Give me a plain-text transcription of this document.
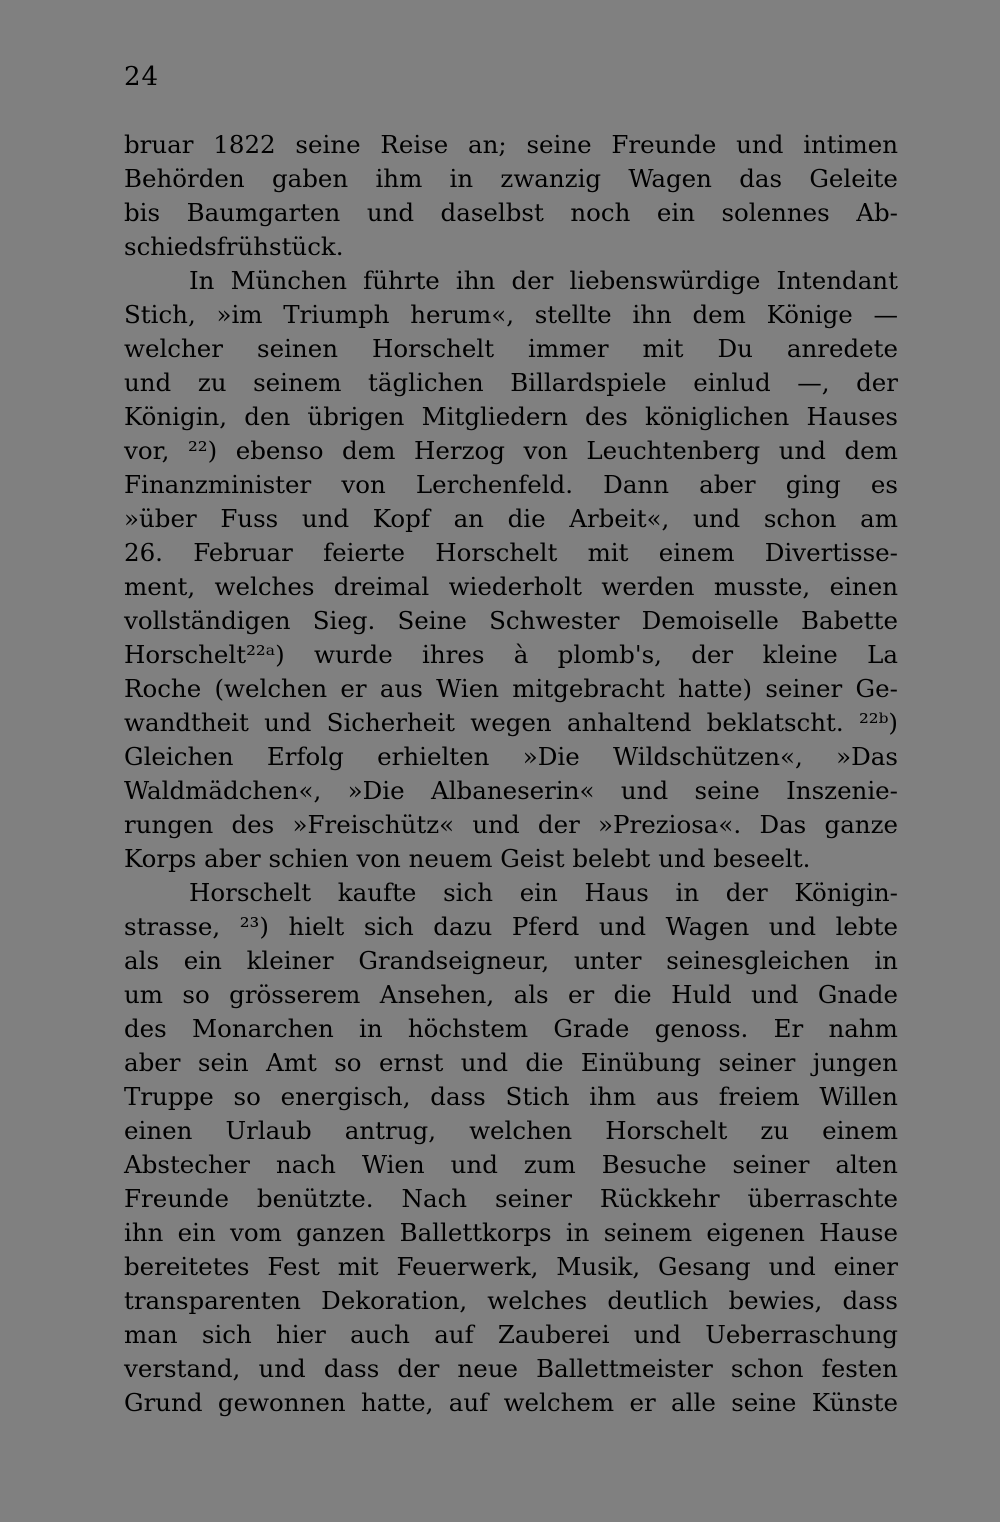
24
bruar 1822 seine Reise an; seine Freunde und intimen
Behörden gaben ihm in zwanzig Wagen das Geleite
bis Baumgarten und daselbst noch ein solennes Ab-
schiedsfrühstück.
In München führte ihn der liebenswürdige Intendant
Stich, »im Triumph herum«, stellte ihn dem Könige —
welcher seinen Horschelt immer mit Du anredete
und zu seinem täglichen Billardspiele einlud —, der
Königin, den übrigen Mitgliedern des königlichen Hauses
vor, ²²) ebenso dem Herzog von Leuchtenberg und dem
Finanzminister von Lerchenfeld. Dann aber ging es
»über Fuss und Kopf an die Arbeit«, und schon am
26. Februar feierte Horschelt mit einem Divertisse-
ment, welches dreimal wiederholt werden musste, einen
vollständigen Sieg. Seine Schwester Demoiselle Babette
Horschelt²²ᵃ) wurde ihres à plomb's, der kleine La
Roche (welchen er aus Wien mitgebracht hatte) seiner Ge-
wandtheit und Sicherheit wegen anhaltend beklatscht. ²²ᵇ)
Gleichen Erfolg erhielten »Die Wildschützen«, »Das
Waldmädchen«, »Die Albaneserin« und seine Inszenie-
rungen des »Freischütz« und der »Preziosa«. Das ganze
Korps
aber
schien
von
neuem
Geist
belebt
und
beseelt.
Horschelt kaufte sich ein Haus in der Königin-
strasse, ²³) hielt sich dazu Pferd und Wagen und lebte
als ein kleiner Grandseigneur, unter seinesgleichen in
um so grösserem Ansehen, als er die Huld und Gnade
des Monarchen in höchstem Grade genoss. Er nahm
aber sein Amt so ernst und die Einübung seiner jungen
Truppe so energisch, dass Stich ihm aus freiem Willen
einen Urlaub antrug, welchen Horschelt zu einem
Abstecher nach Wien und zum Besuche seiner alten
Freunde benützte. Nach seiner Rückkehr überraschte
ihn ein vom ganzen Ballettkorps in seinem eigenen Hause
bereitetes Fest mit Feuerwerk, Musik, Gesang und einer
transparenten Dekoration, welches deutlich bewies, dass
man sich hier auch auf Zauberei und Ueberraschung
verstand, und dass der neue Ballettmeister schon festen
Grund gewonnen hatte, auf welchem er alle seine Künste
